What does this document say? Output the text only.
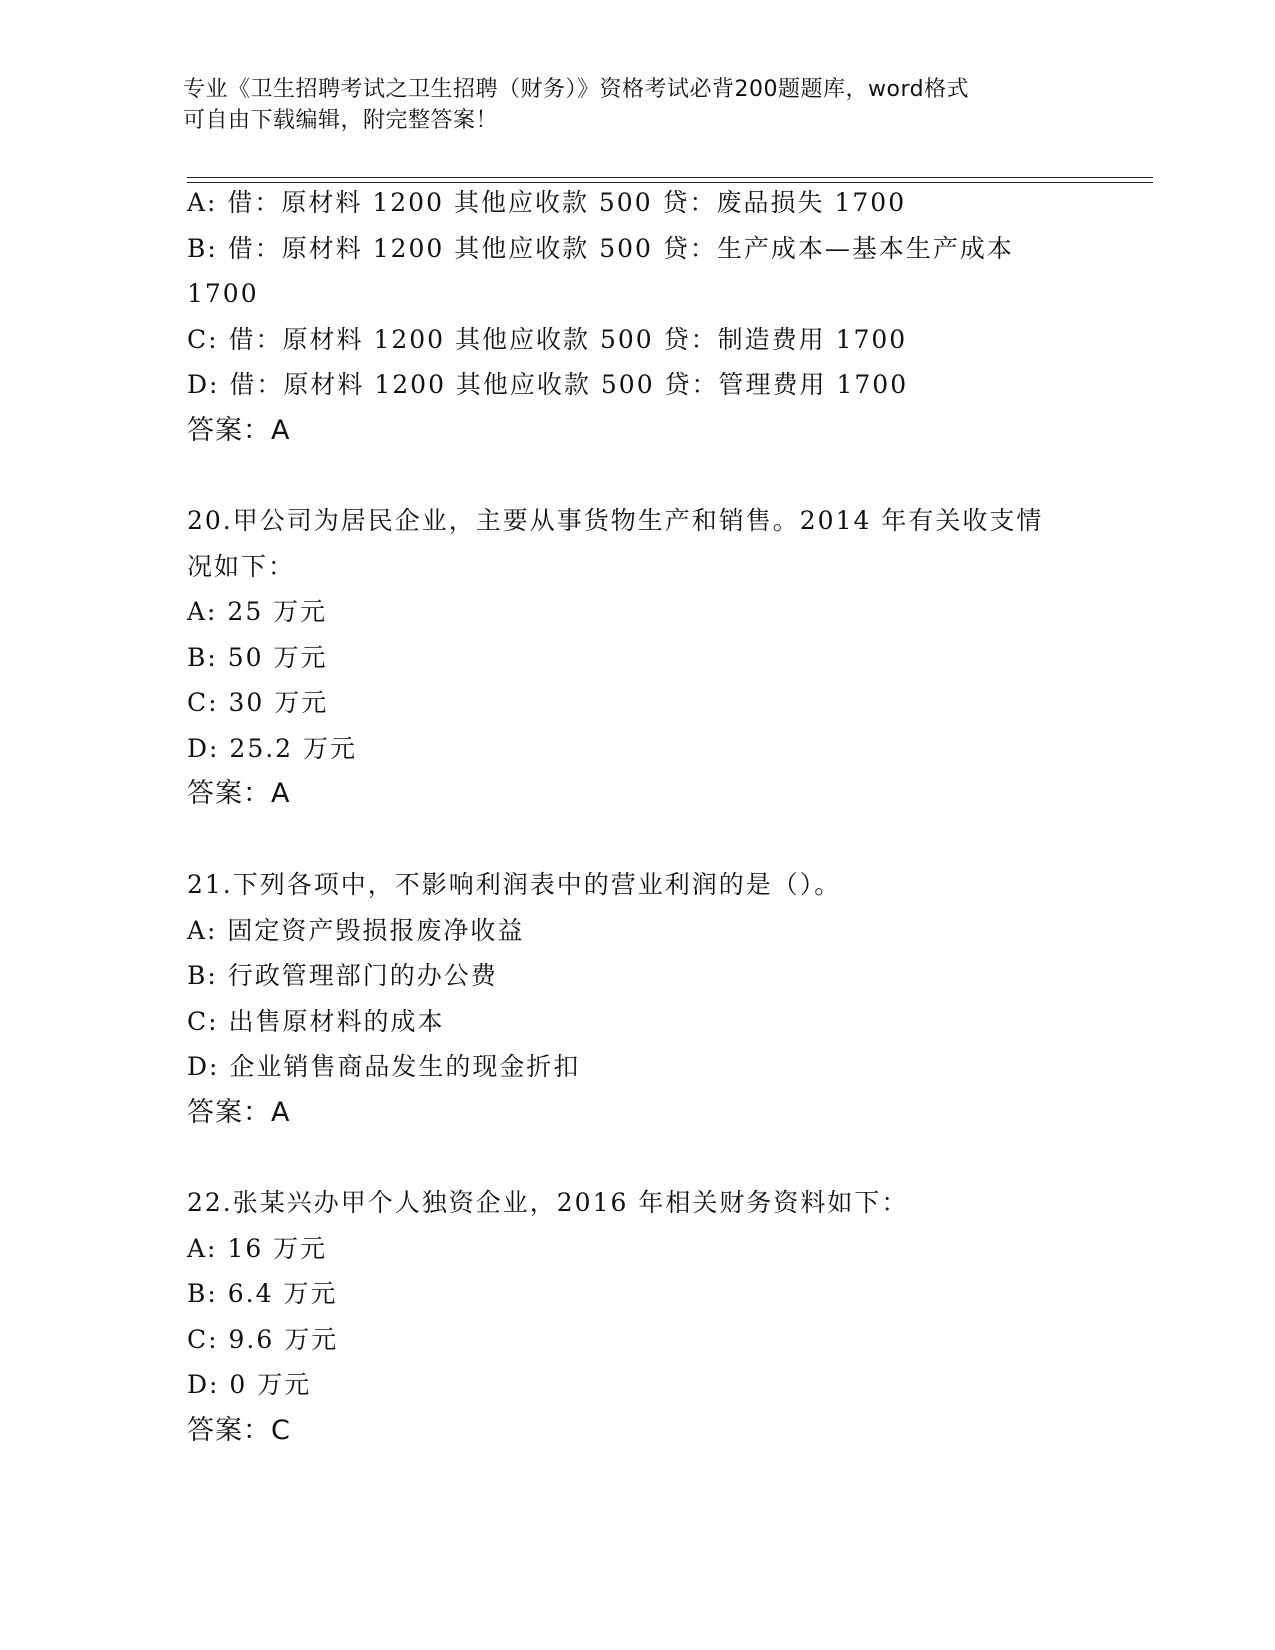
专业《卫生招聘考试之卫生招聘（财务）》资格考试必背200题题库，word格式
可自由下载编辑，附完整答案！
A: 借：原材料 1200 其他应收款 500 贷：废品损失 1700
B: 借：原材料 1200 其他应收款 500 贷：生产成本—基本生产成本
1700
C: 借：原材料 1200 其他应收款 500 贷：制造费用 1700
D: 借：原材料 1200 其他应收款 500 贷：管理费用 1700
答案：A
20.甲公司为居民企业，主要从事货物生产和销售。2014 年有关收支情
况如下：
A: 25 万元
B: 50 万元
C: 30 万元
D: 25.2 万元
答案：A
21.下列各项中，不影响利润表中的营业利润的是（）。
A: 固定资产毁损报废净收益
B: 行政管理部门的办公费
C: 出售原材料的成本
D: 企业销售商品发生的现金折扣
答案：A
22.张某兴办甲个人独资企业，2016 年相关财务资料如下：
A: 16 万元
B: 6.4 万元
C: 9.6 万元
D: 0 万元
答案：C
